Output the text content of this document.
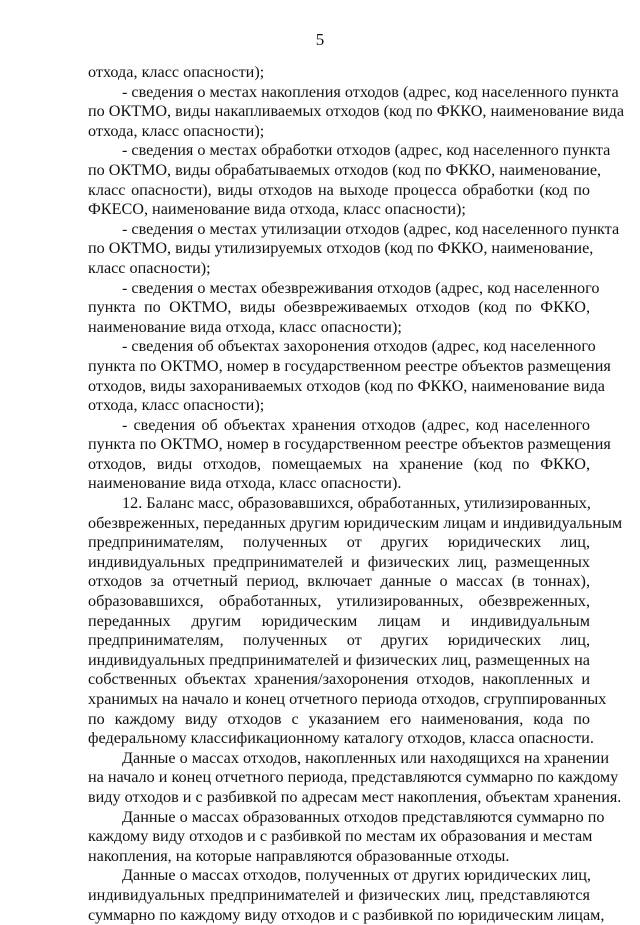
5
отхода, класс опасности);
- сведения о местах накопления отходов (адрес, код населенного пункта
по ОКТМО, виды накапливаемых отходов (код по ФККО, наименование вида
отхода, класс опасности);
- сведения о местах обработки отходов (адрес, код населенного пункта
по ОКТМО, виды обрабатываемых отходов (код по ФККО, наименование,
класс опасности), виды отходов на выходе процесса обработки (код по
ФКЕСО, наименование вида отхода, класс опасности);
- сведения о местах утилизации отходов (адрес, код населенного пункта
по ОКТМО, виды утилизируемых отходов (код по ФККО, наименование,
класс опасности);
- сведения о местах обезвреживания отходов (адрес, код населенного
пункта по ОКТМО, виды обезвреживаемых отходов (код по ФККО,
наименование вида отхода, класс опасности);
- сведения об объектах захоронения отходов (адрес, код населенного
пункта по ОКТМО, номер в государственном реестре объектов размещения
отходов, виды захораниваемых отходов (код по ФККО, наименование вида
отхода, класс опасности);
- сведения об объектах хранения отходов (адрес, код населенного
пункта по ОКТМО, номер в государственном реестре объектов размещения
отходов, виды отходов, помещаемых на хранение (код по ФККО,
наименование вида отхода, класс опасности).
12. Баланс масс, образовавшихся, обработанных, утилизированных,
обезвреженных, переданных другим юридическим лицам и индивидуальным
предпринимателям, полученных от других юридических лиц,
индивидуальных предпринимателей и физических лиц, размещенных
отходов за отчетный период, включает данные о массах (в тоннах),
образовавшихся, обработанных, утилизированных, обезвреженных,
переданных другим юридическим лицам и индивидуальным
предпринимателям, полученных от других юридических лиц,
индивидуальных предпринимателей и физических лиц, размещенных на
собственных объектах хранения/захоронения отходов, накопленных и
хранимых на начало и конец отчетного периода отходов, сгруппированных
по каждому виду отходов с указанием его наименования, кода по
федеральному классификационному каталогу отходов, класса опасности.
Данные о массах отходов, накопленных или находящихся на хранении
на начало и конец отчетного периода, представляются суммарно по каждому
виду отходов и с разбивкой по адресам мест накопления, объектам хранения.
Данные о массах образованных отходов представляются суммарно по
каждому виду отходов и с разбивкой по местам их образования и местам
накопления, на которые направляются образованные отходы.
Данные о массах отходов, полученных от других юридических лиц,
индивидуальных предпринимателей и физических лиц, представляются
суммарно по каждому виду отходов и с разбивкой по юридическим лицам,
